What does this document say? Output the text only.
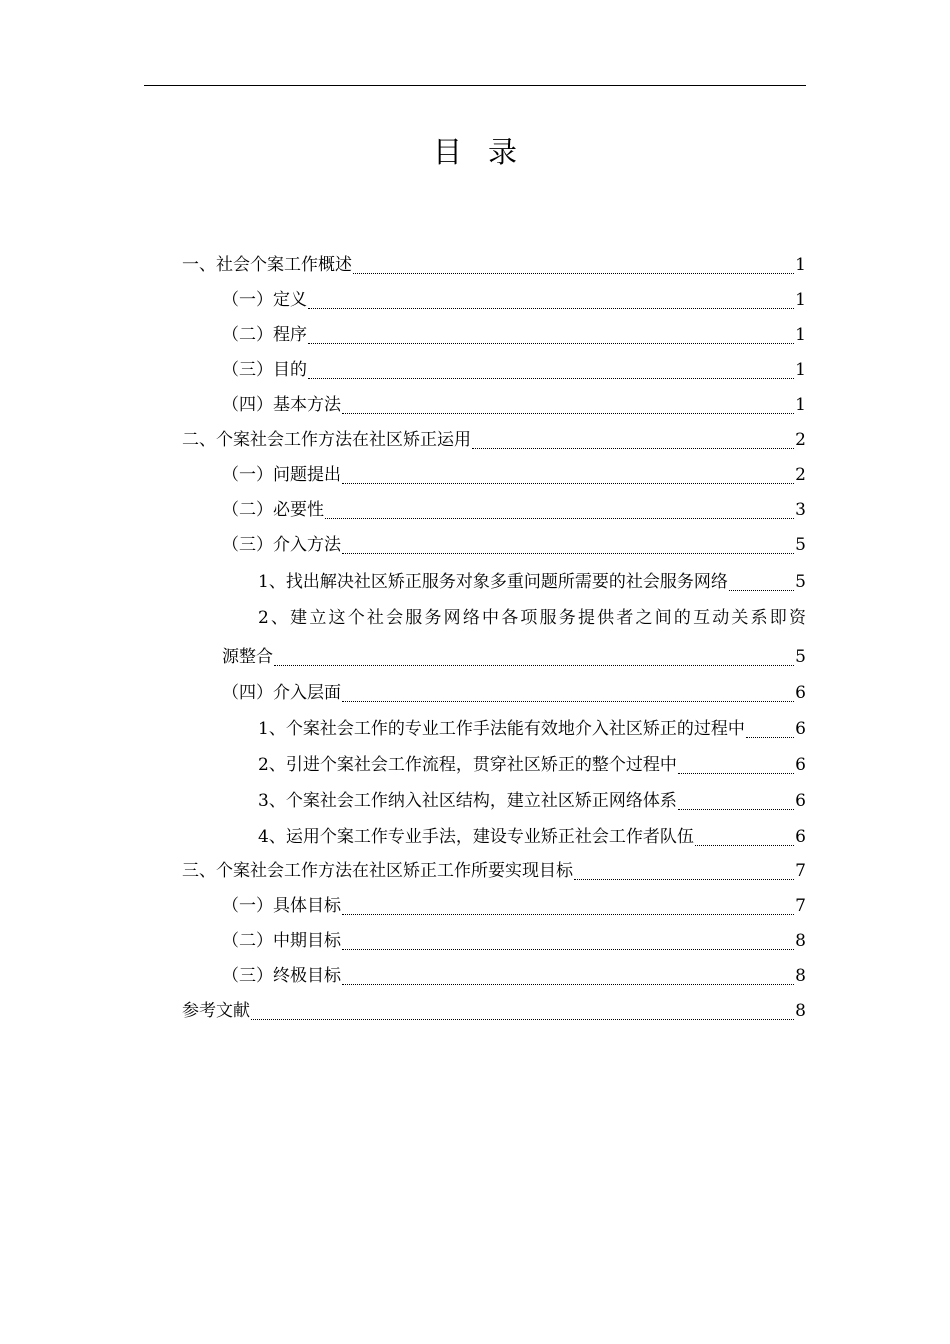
目录
一、社会个案工作概述	1
（一）定义	1
（二）程序	1
（三）目的	1
（四）基本方法	1
二、个案社会工作方法在社区矫正运用	2
（一）问题提出	2
（二）必要性	3
（三）介入方法	5
1、找出解决社区矫正服务对象多重问题所需要的社会服务网络	5
2、建立这个社会服务网络中各项服务提供者之间的互动关系即资
源整合	5
（四）介入层面	6
1、个案社会工作的专业工作手法能有效地介入社区矫正的过程中	6
2、引进个案社会工作流程，贯穿社区矫正的整个过程中	6
3、个案社会工作纳入社区结构，建立社区矫正网络体系	6
4、运用个案工作专业手法，建设专业矫正社会工作者队伍	6
三、个案社会工作方法在社区矫正工作所要实现目标	7
（一）具体目标	7
（二）中期目标	8
（三）终极目标	8
参考文献	8
